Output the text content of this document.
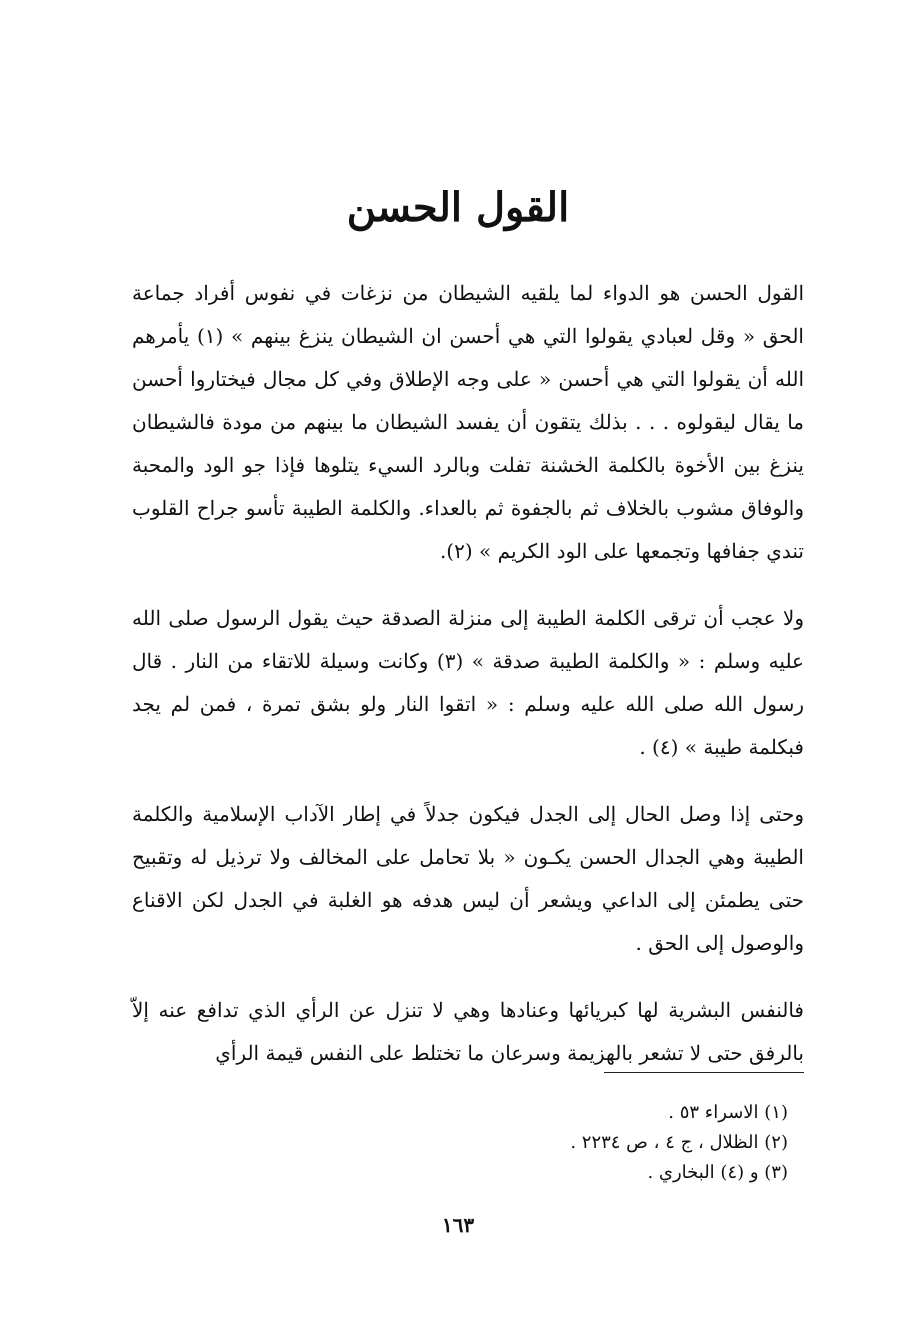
القول الحسن

القول الحسن هو الدواء لما يلقيه الشيطان من نزغات في نفوس أفراد جماعة الحق « وقل لعبادي يقولوا التي هي أحسن ان الشيطان ينزغ بينهم » (١) يأمرهم الله أن يقولوا التي هي أحسن « على وجه الإطلاق وفي كل مجال فيختاروا أحسن ما يقال ليقولوه . . . بذلك يتقون أن يفسد الشيطان ما بينهم من مودة فالشيطان ينزغ بين الأخوة بالكلمة الخشنة تفلت وبالرد السيء يتلوها فإذا جو الود والمحبة والوفاق مشوب بالخلاف ثم بالجفوة ثم بالعداء. والكلمة الطيبة تأسو جراح القلوب تندي جفافها وتجمعها على الود الكريم » (٢).

ولا عجب أن ترقى الكلمة الطيبة إلى منزلة الصدقة حيث يقول الرسول صلى الله عليه وسلم : « والكلمة الطيبة صدقة » (٣) وكانت وسيلة للاتقاء من النار . قال رسول الله صلى الله عليه وسلم : « اتقوا النار ولو بشق تمرة ، فمن لم يجد فبكلمة طيبة » (٤) .

وحتى إذا وصل الحال إلى الجدل فيكون جدلاً في إطار الآداب الإسلامية والكلمة الطيبة وهي الجدال الحسن يكـون « بلا تحامل على المخالف ولا ترذيل له وتقبيح حتى يطمئن إلى الداعي ويشعر أن ليس هدفه هو الغلبة في الجدل لكن الاقناع والوصول إلى الحق .

فالنفس البشرية لها كبريائها وعنادها وهي لا تنزل عن الرأي الذي تدافع عنه إلاّ بالرفق حتى لا تشعر بالهزيمة وسرعان ما تختلط على النفس قيمة الرأي

(١) الاسراء ٥٣ .
(٢) الظلال ، ج ٤ ، ص ٢٢٣٤ .
(٣) و (٤) البخاري .
١٦٣
